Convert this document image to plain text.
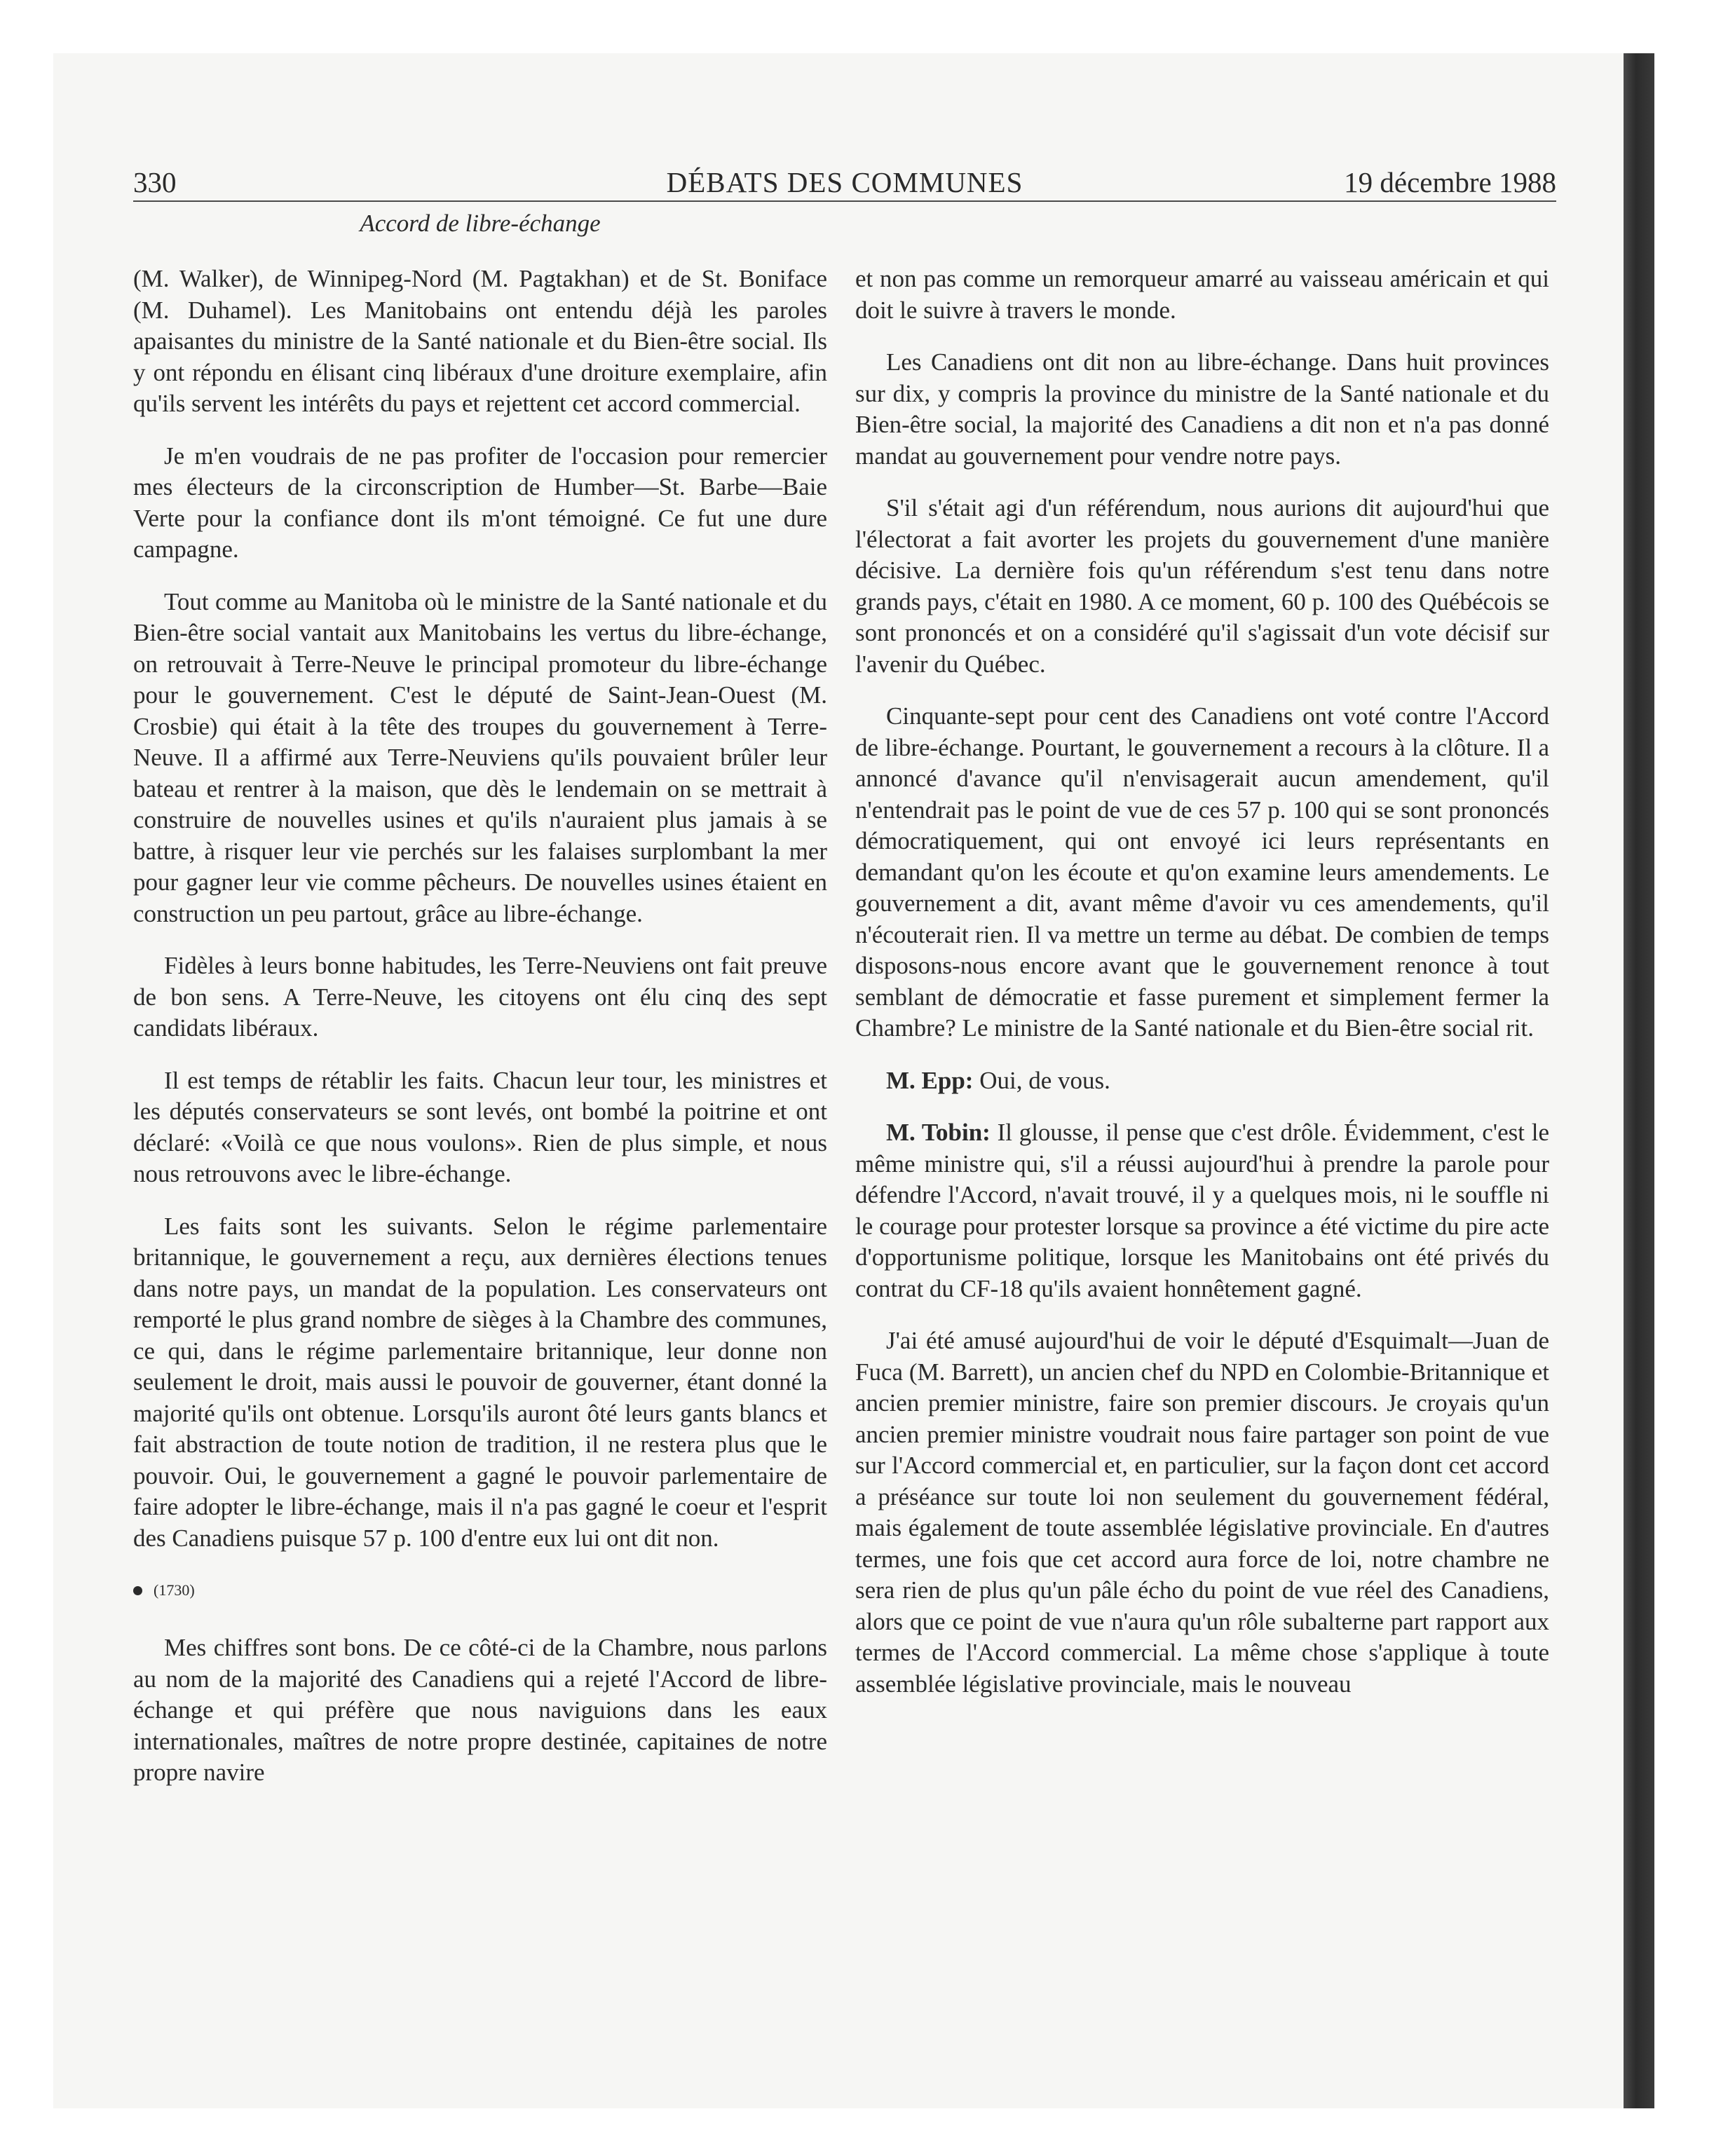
330	DÉBATS DES COMMUNES	19 décembre 1988
Accord de libre-échange

(M. Walker), de Winnipeg-Nord (M. Pagtakhan) et de St. Boniface (M. Duhamel). Les Manitobains ont entendu déjà les paroles apaisantes du ministre de la Santé nationale et du Bien-être social. Ils y ont répondu en élisant cinq libéraux d'une droiture exemplaire, afin qu'ils servent les intérêts du pays et rejettent cet accord commercial.

Je m'en voudrais de ne pas profiter de l'occasion pour remercier mes électeurs de la circonscription de Humber—St. Barbe—Baie Verte pour la confiance dont ils m'ont témoigné. Ce fut une dure campagne.

Tout comme au Manitoba où le ministre de la Santé nationale et du Bien-être social vantait aux Manitobains les vertus du libre-échange, on retrouvait à Terre-Neuve le principal promoteur du libre-échange pour le gouvernement. C'est le député de Saint-Jean-Ouest (M. Crosbie) qui était à la tête des troupes du gouvernement à Terre-Neuve. Il a affirmé aux Terre-Neuviens qu'ils pouvaient brûler leur bateau et rentrer à la maison, que dès le lendemain on se mettrait à construire de nouvelles usines et qu'ils n'auraient plus jamais à se battre, à risquer leur vie perchés sur les falaises surplombant la mer pour gagner leur vie comme pêcheurs. De nouvelles usines étaient en construction un peu partout, grâce au libre-échange.

Fidèles à leurs bonne habitudes, les Terre-Neuviens ont fait preuve de bon sens. A Terre-Neuve, les citoyens ont élu cinq des sept candidats libéraux.

Il est temps de rétablir les faits. Chacun leur tour, les ministres et les députés conservateurs se sont levés, ont bombé la poitrine et ont déclaré: «Voilà ce que nous voulons». Rien de plus simple, et nous nous retrouvons avec le libre-échange.

Les faits sont les suivants. Selon le régime parlementaire britannique, le gouvernement a reçu, aux dernières élections tenues dans notre pays, un mandat de la population. Les conservateurs ont remporté le plus grand nombre de sièges à la Chambre des communes, ce qui, dans le régime parlementaire britannique, leur donne non seulement le droit, mais aussi le pouvoir de gouverner, étant donné la majorité qu'ils ont obtenue. Lorsqu'ils auront ôté leurs gants blancs et fait abstraction de toute notion de tradition, il ne restera plus que le pouvoir. Oui, le gouvernement a gagné le pouvoir parlementaire de faire adopter le libre-échange, mais il n'a pas gagné le coeur et l'esprit des Canadiens puisque 57 p. 100 d'entre eux lui ont dit non.

(1730)

Mes chiffres sont bons. De ce côté-ci de la Chambre, nous parlons au nom de la majorité des Canadiens qui a rejeté l'Accord de libre-échange et qui préfère que nous naviguions dans les eaux internationales, maîtres de notre propre destinée, capitaines de notre propre navire

et non pas comme un remorqueur amarré au vaisseau américain et qui doit le suivre à travers le monde.

Les Canadiens ont dit non au libre-échange. Dans huit provinces sur dix, y compris la province du ministre de la Santé nationale et du Bien-être social, la majorité des Canadiens a dit non et n'a pas donné mandat au gouvernement pour vendre notre pays.

S'il s'était agi d'un référendum, nous aurions dit aujourd'hui que l'électorat a fait avorter les projets du gouvernement d'une manière décisive. La dernière fois qu'un référendum s'est tenu dans notre grands pays, c'était en 1980. A ce moment, 60 p. 100 des Québécois se sont prononcés et on a considéré qu'il s'agissait d'un vote décisif sur l'avenir du Québec.

Cinquante-sept pour cent des Canadiens ont voté contre l'Accord de libre-échange. Pourtant, le gouvernement a recours à la clôture. Il a annoncé d'avance qu'il n'envisagerait aucun amendement, qu'il n'entendrait pas le point de vue de ces 57 p. 100 qui se sont prononcés démocratiquement, qui ont envoyé ici leurs représentants en demandant qu'on les écoute et qu'on examine leurs amendements. Le gouvernement a dit, avant même d'avoir vu ces amendements, qu'il n'écouterait rien. Il va mettre un terme au débat. De combien de temps disposons-nous encore avant que le gouvernement renonce à tout semblant de démocratie et fasse purement et simplement fermer la Chambre? Le ministre de la Santé nationale et du Bien-être social rit.

M. Epp: Oui, de vous.

M. Tobin: Il glousse, il pense que c'est drôle. Évidemment, c'est le même ministre qui, s'il a réussi aujourd'hui à prendre la parole pour défendre l'Accord, n'avait trouvé, il y a quelques mois, ni le souffle ni le courage pour protester lorsque sa province a été victime du pire acte d'opportunisme politique, lorsque les Manitobains ont été privés du contrat du CF-18 qu'ils avaient honnêtement gagné.

J'ai été amusé aujourd'hui de voir le député d'Esquimalt—Juan de Fuca (M. Barrett), un ancien chef du NPD en Colombie-Britannique et ancien premier ministre, faire son premier discours. Je croyais qu'un ancien premier ministre voudrait nous faire partager son point de vue sur l'Accord commercial et, en particulier, sur la façon dont cet accord a préséance sur toute loi non seulement du gouvernement fédéral, mais également de toute assemblée législative provinciale. En d'autres termes, une fois que cet accord aura force de loi, notre chambre ne sera rien de plus qu'un pâle écho du point de vue réel des Canadiens, alors que ce point de vue n'aura qu'un rôle subalterne part rapport aux termes de l'Accord commercial. La même chose s'applique à toute assemblée législative provinciale, mais le nouveau
